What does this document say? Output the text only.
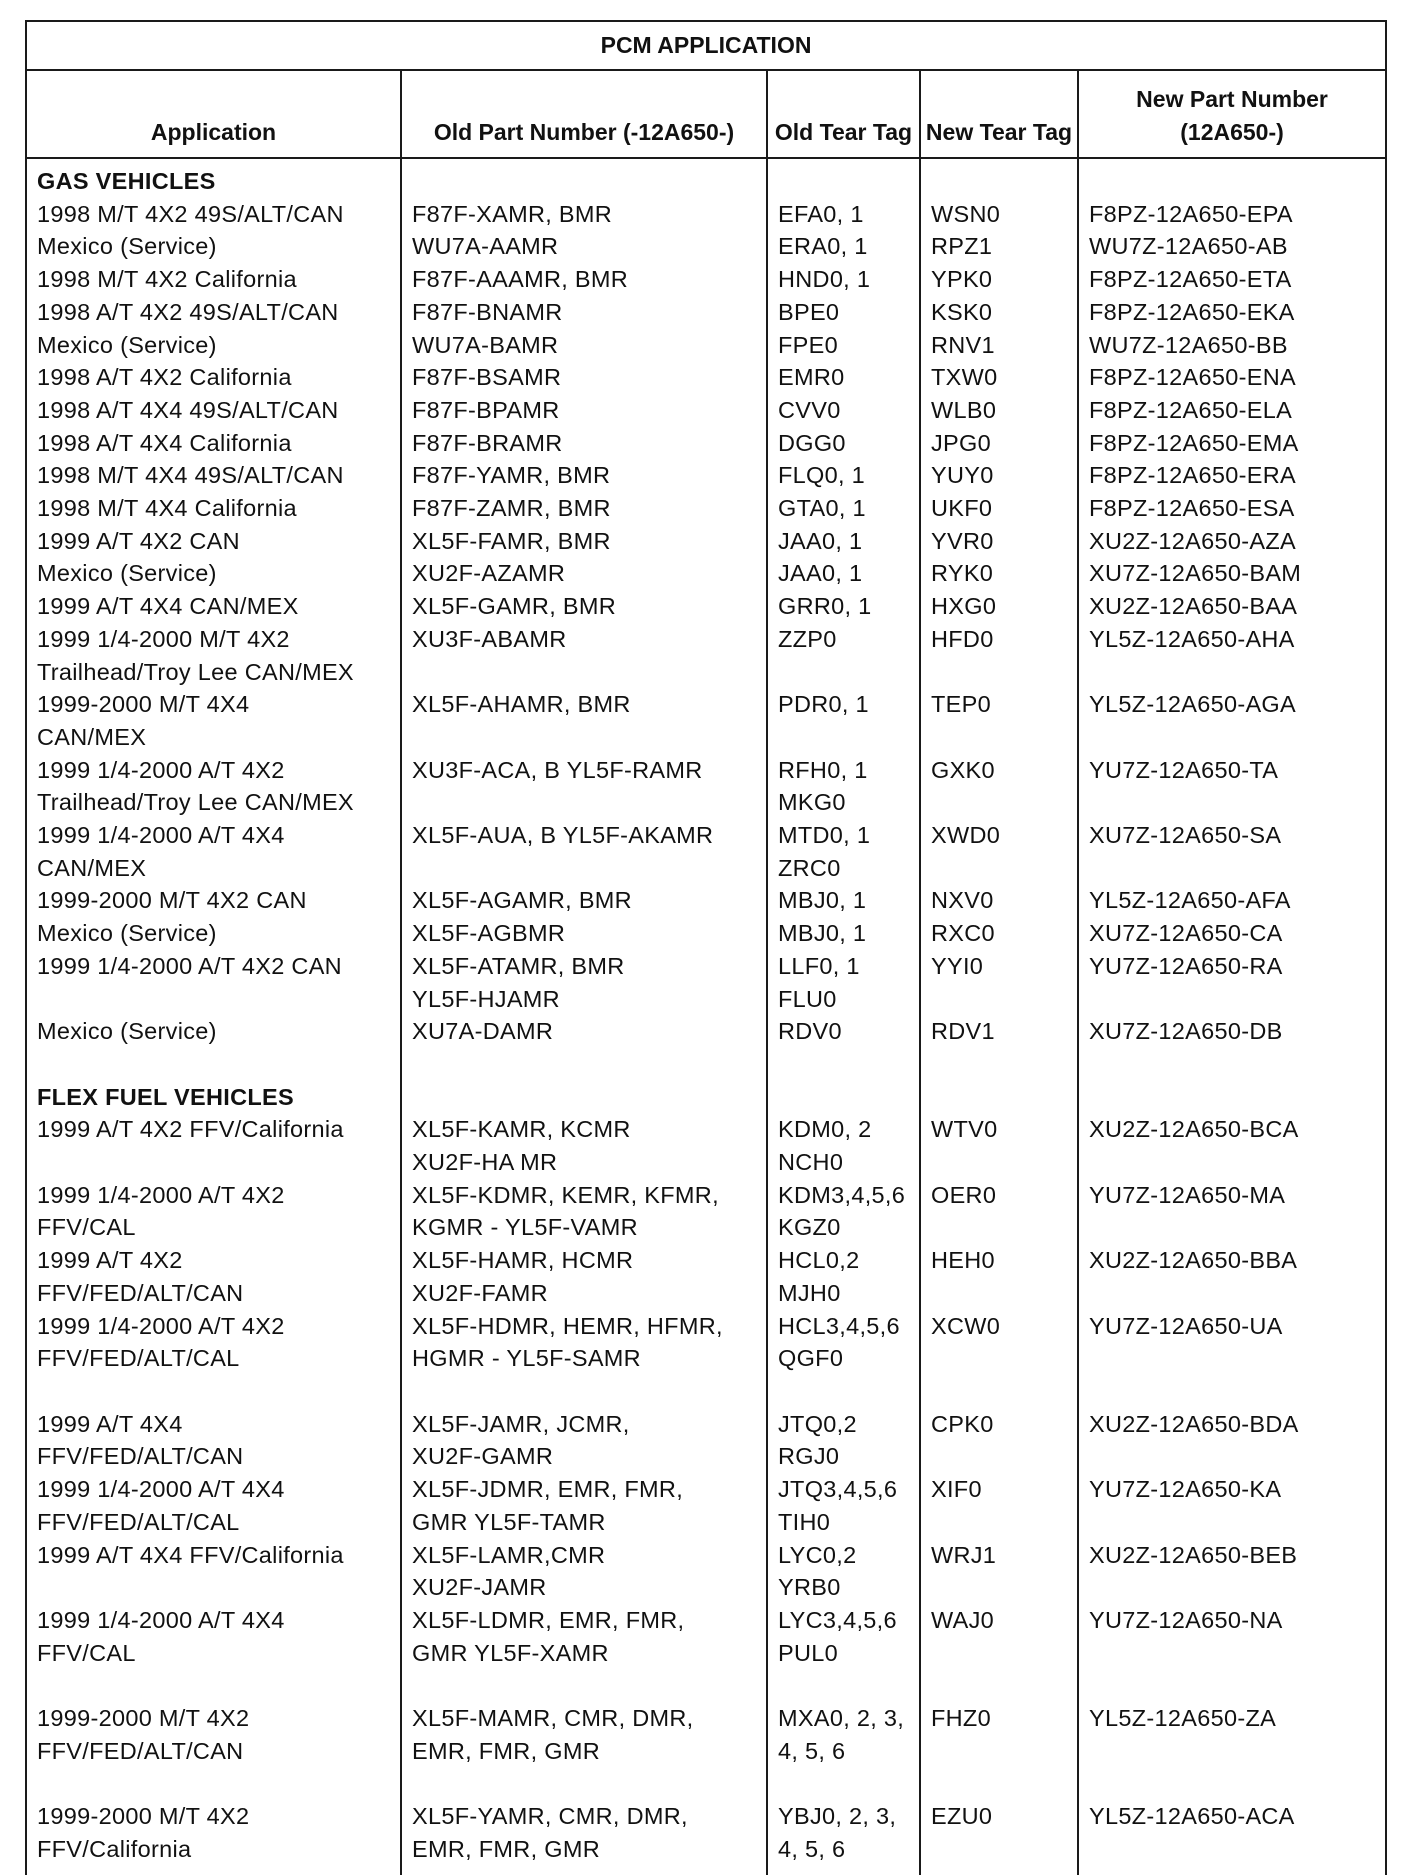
PCM APPLICATION				
Application	Old Part Number (-12A650-)	Old Tear Tag	New Tear Tag	New Part Number (12A650-)
GAS VEHICLES				
1998 M/T 4X2 49S/ALT/CAN	F87F-XAMR, BMR	EFA0, 1	WSN0	F8PZ-12A650-EPA
Mexico (Service)	WU7A-AAMR	ERA0, 1	RPZ1	WU7Z-12A650-AB
1998 M/T 4X2 California	F87F-AAAMR, BMR	HND0, 1	YPK0	F8PZ-12A650-ETA
1998 A/T 4X2 49S/ALT/CAN	F87F-BNAMR	BPE0	KSK0	F8PZ-12A650-EKA
Mexico (Service)	WU7A-BAMR	FPE0	RNV1	WU7Z-12A650-BB
1998 A/T 4X2 California	F87F-BSAMR	EMR0	TXW0	F8PZ-12A650-ENA
1998 A/T 4X4 49S/ALT/CAN	F87F-BPAMR	CVV0	WLB0	F8PZ-12A650-ELA
1998 A/T 4X4 California	F87F-BRAMR	DGG0	JPG0	F8PZ-12A650-EMA
1998 M/T 4X4 49S/ALT/CAN	F87F-YAMR, BMR	FLQ0, 1	YUY0	F8PZ-12A650-ERA
1998 M/T 4X4 California	F87F-ZAMR, BMR	GTA0, 1	UKF0	F8PZ-12A650-ESA
1999 A/T 4X2 CAN	XL5F-FAMR, BMR	JAA0, 1	YVR0	XU2Z-12A650-AZA
Mexico (Service)	XU2F-AZAMR	JAA0, 1	RYK0	XU7Z-12A650-BAM
1999 A/T 4X4 CAN/MEX	XL5F-GAMR, BMR	GRR0, 1	HXG0	XU2Z-12A650-BAA
1999 1/4-2000 M/T 4X2	XU3F-ABAMR	ZZP0	HFD0	YL5Z-12A650-AHA
Trailhead/Troy Lee CAN/MEX				
1999-2000 M/T 4X4	XL5F-AHAMR, BMR	PDR0, 1	TEP0	YL5Z-12A650-AGA
CAN/MEX				
1999 1/4-2000 A/T 4X2	XU3F-ACA, B YL5F-RAMR	RFH0, 1	GXK0	YU7Z-12A650-TA
Trailhead/Troy Lee CAN/MEX		MKG0		
1999 1/4-2000 A/T 4X4	XL5F-AUA, B YL5F-AKAMR	MTD0, 1	XWD0	XU7Z-12A650-SA
CAN/MEX		ZRC0		
1999-2000 M/T 4X2 CAN	XL5F-AGAMR, BMR	MBJ0, 1	NXV0	YL5Z-12A650-AFA
Mexico (Service)	XL5F-AGBMR	MBJ0, 1	RXC0	XU7Z-12A650-CA
1999 1/4-2000 A/T 4X2 CAN	XL5F-ATAMR, BMR	LLF0, 1	YYI0	YU7Z-12A650-RA
	YL5F-HJAMR	FLU0		
Mexico (Service)	XU7A-DAMR	RDV0	RDV1	XU7Z-12A650-DB

FLEX FUEL VEHICLES				
1999 A/T 4X2 FFV/California	XL5F-KAMR, KCMR	KDM0, 2	WTV0	XU2Z-12A650-BCA
	XU2F-HA MR	NCH0		
1999 1/4-2000 A/T 4X2	XL5F-KDMR, KEMR, KFMR,	KDM3,4,5,6	OER0	YU7Z-12A650-MA
FFV/CAL	KGMR - YL5F-VAMR	KGZ0		
1999 A/T 4X2	XL5F-HAMR, HCMR	HCL0,2	HEH0	XU2Z-12A650-BBA
FFV/FED/ALT/CAN	XU2F-FAMR	MJH0		
1999 1/4-2000 A/T 4X2	XL5F-HDMR, HEMR, HFMR,	HCL3,4,5,6	XCW0	YU7Z-12A650-UA
FFV/FED/ALT/CAL	HGMR - YL5F-SAMR	QGF0		

1999 A/T 4X4	XL5F-JAMR, JCMR,	JTQ0,2	CPK0	XU2Z-12A650-BDA
FFV/FED/ALT/CAN	XU2F-GAMR	RGJ0		
1999 1/4-2000 A/T 4X4	XL5F-JDMR, EMR, FMR,	JTQ3,4,5,6	XIF0	YU7Z-12A650-KA
FFV/FED/ALT/CAL	GMR YL5F-TAMR	TIH0		
1999 A/T 4X4 FFV/California	XL5F-LAMR,CMR	LYC0,2	WRJ1	XU2Z-12A650-BEB
	XU2F-JAMR	YRB0		
1999 1/4-2000 A/T 4X4	XL5F-LDMR, EMR, FMR,	LYC3,4,5,6	WAJ0	YU7Z-12A650-NA
FFV/CAL	GMR YL5F-XAMR	PUL0		

1999-2000 M/T 4X2	XL5F-MAMR, CMR, DMR,	MXA0, 2, 3,	FHZ0	YL5Z-12A650-ZA
FFV/FED/ALT/CAN	EMR, FMR, GMR	4, 5, 6		

1999-2000 M/T 4X2	XL5F-YAMR, CMR, DMR,	YBJ0, 2, 3,	EZU0	YL5Z-12A650-ACA
FFV/California	EMR, FMR, GMR	4, 5, 6		
